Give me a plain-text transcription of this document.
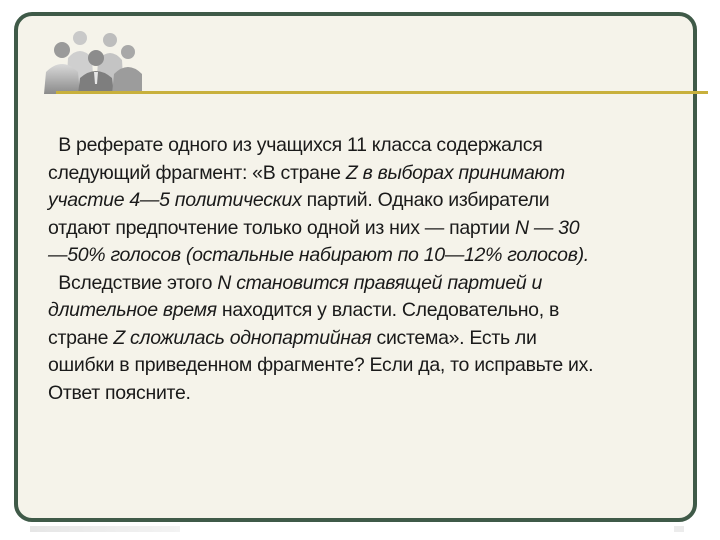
В реферате одного из учащихся 11 класса содержался
следующий фрагмент: «В стране Z в выборах принимают
участие 4—5 политических партий. Однако избиратели
отдают предпочтение только одной из них — партии N — 30
—50% голосов (остальные набирают по 10—12% голосов).

Вследствие этого N становится правящей партией и
длительное время находится у власти. Следовательно, в
стране Z сложилась однопартийная система». Есть ли
ошибки в приведенном фрагменте? Если да, то исправьте их.
Ответ поясните.
